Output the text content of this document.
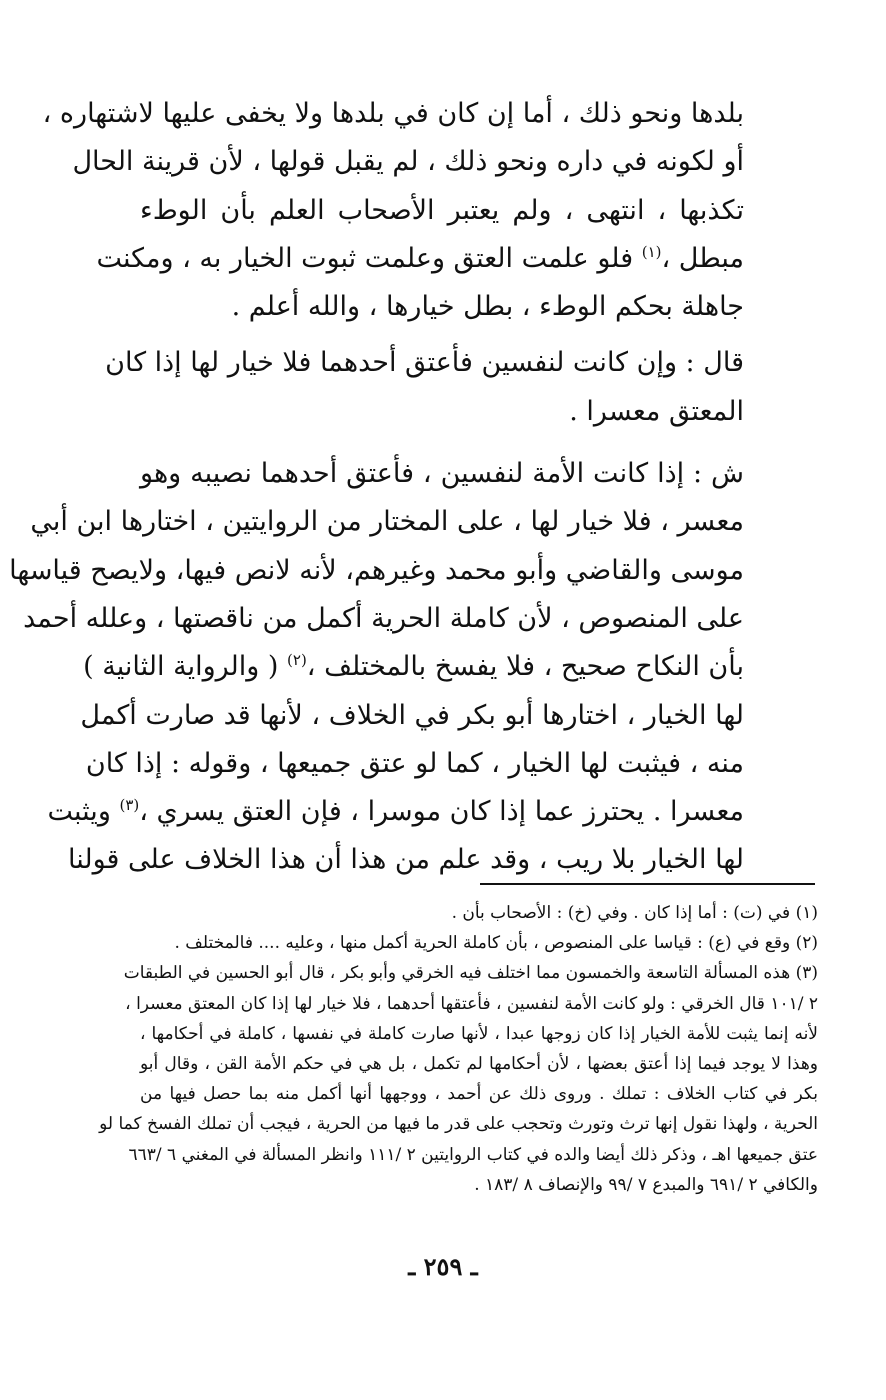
بلدها ونحو ذلك ، أما إن كان في بلدها ولا يخفى عليها لاشتهاره ،
أو لكونه في داره ونحو ذلك ، لم يقبل قولها ، لأن قرينة الحال
تكذبها ، انتهى ، ولم يعتبر الأصحاب العلم بأن الوطء
مبطل ،$^{(١)}$ فلو علمت العتق وعلمت ثبوت الخيار به ، ومكنت
جاهلة بحكم الوطء ، بطل خيارها ، والله أعلم .

قال : وإن كانت لنفسين فأعتق أحدهما فلا خيار لها إذا كان
المعتق معسرا .

ش : إذا كانت الأمة لنفسين ، فأعتق أحدهما نصيبه وهو
معسر ، فلا خيار لها ، على المختار من الروايتين ، اختارها ابن أبي
موسى والقاضي وأبو محمد وغيرهم، لأنه لانص فيها، ولايصح قياسها
على المنصوص ، لأن كاملة الحرية أكمل من ناقصتها ، وعلله أحمد
بأن النكاح صحيح ، فلا يفسخ بالمختلف ،$^{(٢)}$ ( والرواية الثانية )
لها الخيار ، اختارها أبو بكر في الخلاف ، لأنها قد صارت أكمل
منه ، فيثبت لها الخيار ، كما لو عتق جميعها ، وقوله : إذا كان
معسرا . يحترز عما إذا كان موسرا ، فإن العتق يسري ،$^{(٣)}$ ويثبت
لها الخيار بلا ريب ، وقد علم من هذا أن هذا الخلاف على قولنا

(١) في (ت) : أما إذا كان . وفي (خ) : الأصحاب بأن .
(٢) وقع في (ع) : قياسا على المنصوص ، بأن كاملة الحرية أكمل منها ، وعليه .... فالمختلف .
(٣) هذه المسألة التاسعة والخمسون مما اختلف فيه الخرقي وأبو بكر ، قال أبو الحسين في الطبقات
٢ /١٠١ قال الخرقي : ولو كانت الأمة لنفسين ، فأعتقها أحدهما ، فلا خيار لها إذا كان المعتق معسرا ،
لأنه إنما يثبت للأمة الخيار إذا كان زوجها عبدا ، لأنها صارت كاملة في نفسها ، كاملة في أحكامها ،
وهذا لا يوجد فيما إذا أعتق بعضها ، لأن أحكامها لم تكمل ، بل هي في حكم الأمة القن ، وقال أبو
بكر في كتاب الخلاف : تملك . وروى ذلك عن أحمد ، ووجهها أنها أكمل منه بما حصل فيها من
الحرية ، ولهذا نقول إنها ترث وتورث وتحجب على قدر ما فيها من الحرية ، فيجب أن تملك الفسخ كما لو
عتق جميعها اهـ ، وذكر ذلك أيضا والده في كتاب الروايتين ٢ /١١١ وانظر المسألة في المغني ٦ /٦٦٣
والكافي ٢ /٦٩١ والمبدع ٧ /٩٩ والإنصاف ٨ /١٨٣ .
ـ ٢٥٩ ـ
